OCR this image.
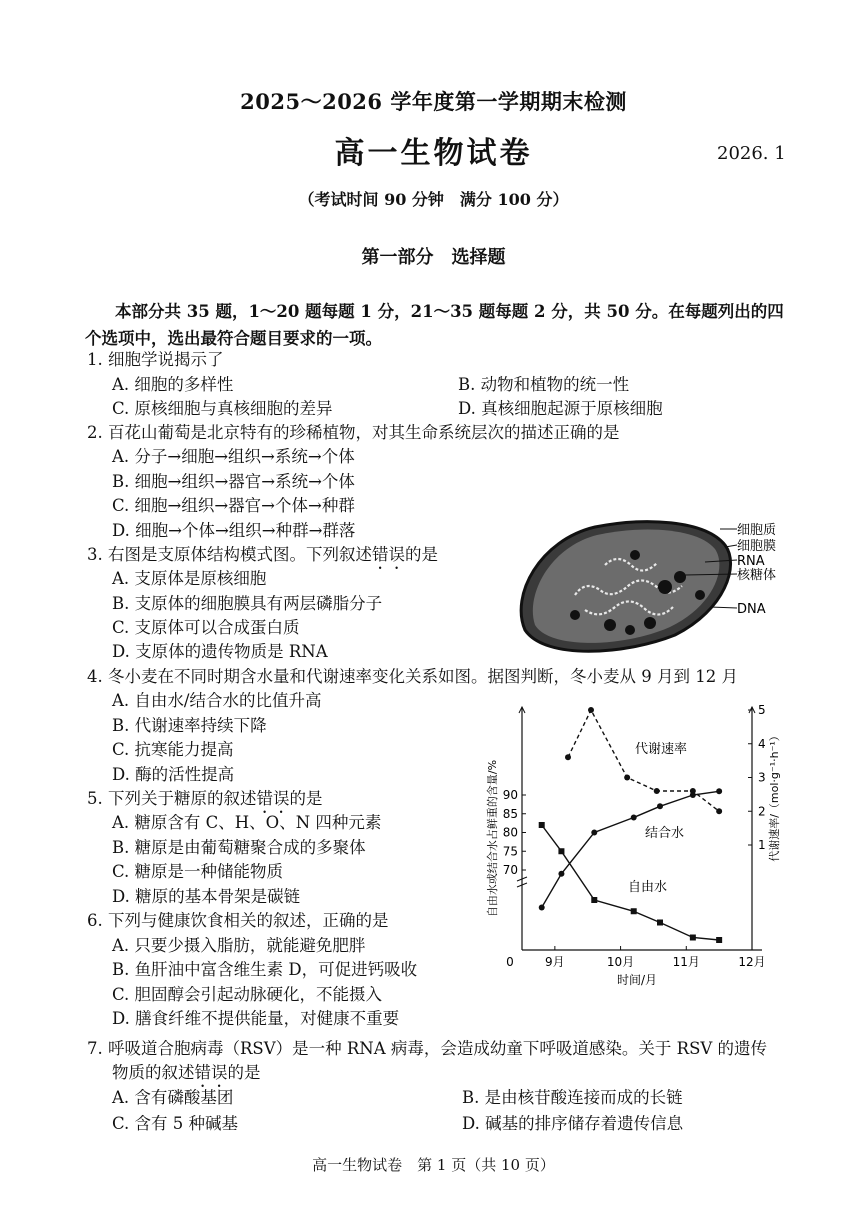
2025～2026 学年度第一学期期末检测
高一生物试卷	2026. 1
（考试时间 90 分钟　满分 100 分）
第一部分　选择题
本部分共 35 题，1～20 题每题 1 分，21～35 题每题 2 分，共 50 分。在每题列出的四个选项中，选出最符合题目要求的一项。
1. 细胞学说揭示了
A. 细胞的多样性	B. 动物和植物的统一性
C. 原核细胞与真核细胞的差异	D. 真核细胞起源于原核细胞
2. 百花山葡萄是北京特有的珍稀植物，对其生命系统层次的描述正确的是
A. 分子→细胞→组织→系统→个体
B. 细胞→组织→器官→系统→个体
C. 细胞→组织→器官→个体→种群
D. 细胞→个体→组织→种群→群落
3. 右图是支原体结构模式图。下列叙述错误的是
A. 支原体是原核细胞
B. 支原体的细胞膜具有两层磷脂分子
C. 支原体可以合成蛋白质
D. 支原体的遗传物质是 RNA
细胞质
细胞膜
RNA
核糖体
DNA
4. 冬小麦在不同时期含水量和代谢速率变化关系如图。据图判断，冬小麦从 9 月到 12 月
A. 自由水/结合水的比值升高
B. 代谢速率持续下降
C. 抗寒能力提高
D. 酶的活性提高
5. 下列关于糖原的叙述错误的是
A. 糖原含有 C、H、O、N 四种元素
B. 糖原是由葡萄糖聚合成的多聚体
C. 糖原是一种储能物质
D. 糖原的基本骨架是碳链
6. 下列与健康饮食相关的叙述，正确的是
A. 只要少摄入脂肪，就能避免肥胖
B. 鱼肝油中富含维生素 D，可促进钙吸收
C. 胆固醇会引起动脉硬化，不能摄入
D. 膳食纤维不提供能量，对健康不重要
7. 呼吸道合胞病毒（RSV）是一种 RNA 病毒，会造成幼童下呼吸道感染。关于 RSV 的遗传
物质的叙述错误的是
A. 含有磷酸基团	B. 是由核苷酸连接而成的长链
C. 含有 5 种碱基	D. 碱基的排序储存着遗传信息
9月	10月	11月	12月
0
时间/月
70
75
80
85
90
1
2
3
4
5
自由水或结合水占鲜重的含量/%	代谢速率/（mol·g⁻¹·h⁻¹）
代谢速率
结合水
自由水
高一生物试卷　第 1 页（共 10 页）
